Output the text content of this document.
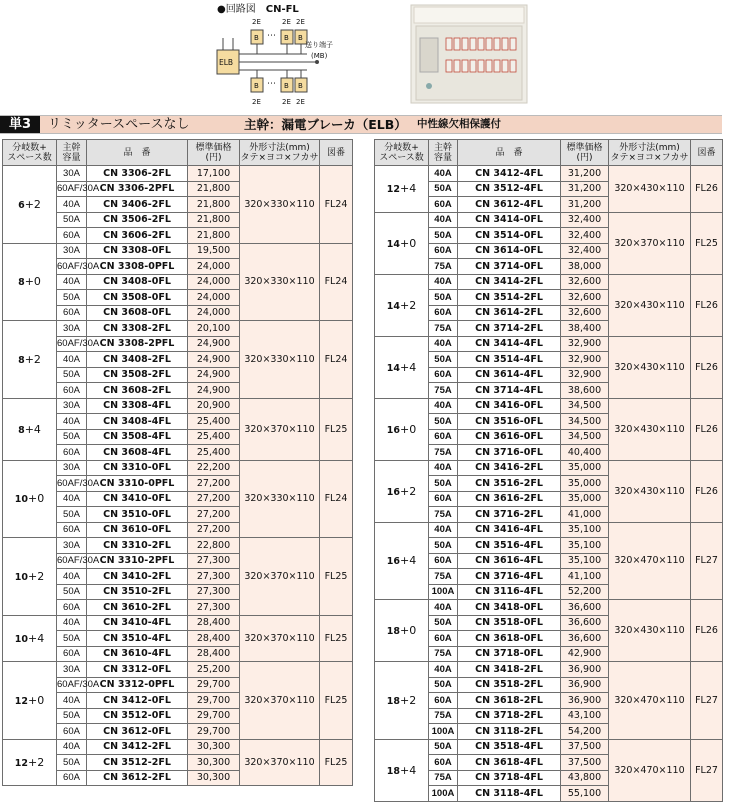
●回路図 CN-FL
ELB
B
2E
⋯ B
2E
B
2E
B
2E
⋯ B
2E
B
2E
送り端子
(MB)
単3	リミッタースペースなし	主幹：漏電ブレーカ（ELB） 中性線欠相保護付
分岐数+
スペース数	主幹
容量	品　番	標準価格
(円)	外形寸法(mm)
タテ×ヨコ×フカサ	図番
6+2	30A	CN 3306-2FL	17,100	320×330×110	FL24
	60AF/30A	CN 3306-2PFL	21,800		
	40A	CN 3406-2FL	21,800		
	50A	CN 3506-2FL	21,800		
	60A	CN 3606-2FL	21,800		
8+0	30A	CN 3308-0FL	19,500	320×330×110	FL24
	60AF/30A	CN 3308-0PFL	24,000		
	40A	CN 3408-0FL	24,000		
	50A	CN 3508-0FL	24,000		
	60A	CN 3608-0FL	24,000		
8+2	30A	CN 3308-2FL	20,100	320×330×110	FL24
	60AF/30A	CN 3308-2PFL	24,900		
	40A	CN 3408-2FL	24,900		
	50A	CN 3508-2FL	24,900		
	60A	CN 3608-2FL	24,900		
8+4	30A	CN 3308-4FL	20,900	320×370×110	FL25
	40A	CN 3408-4FL	25,400		
	50A	CN 3508-4FL	25,400		
	60A	CN 3608-4FL	25,400		
10+0	30A	CN 3310-0FL	22,200	320×330×110	FL24
	60AF/30A	CN 3310-0PFL	27,200		
	40A	CN 3410-0FL	27,200		
	50A	CN 3510-0FL	27,200		
	60A	CN 3610-0FL	27,200		
10+2	30A	CN 3310-2FL	22,800	320×370×110	FL25
	60AF/30A	CN 3310-2PFL	27,300		
	40A	CN 3410-2FL	27,300		
	50A	CN 3510-2FL	27,300		
	60A	CN 3610-2FL	27,300		
10+4	40A	CN 3410-4FL	28,400	320×370×110	FL25
	50A	CN 3510-4FL	28,400		
	60A	CN 3610-4FL	28,400		
12+0	30A	CN 3312-0FL	25,200	320×370×110	FL25
	60AF/30A	CN 3312-0PFL	29,700		
	40A	CN 3412-0FL	29,700		
	50A	CN 3512-0FL	29,700		
	60A	CN 3612-0FL	29,700		
12+2	40A	CN 3412-2FL	30,300	320×370×110	FL25
	50A	CN 3512-2FL	30,300		
	60A	CN 3612-2FL	30,300		
分岐数+
スペース数	主幹
容量	品　番	標準価格
(円)	外形寸法(mm)
タテ×ヨコ×フカサ	図番
12+4	40A	CN 3412-4FL	31,200	320×430×110	FL26
	50A	CN 3512-4FL	31,200		
	60A	CN 3612-4FL	31,200		
14+0	40A	CN 3414-0FL	32,400	320×370×110	FL25
	50A	CN 3514-0FL	32,400		
	60A	CN 3614-0FL	32,400		
	75A	CN 3714-0FL	38,000		
14+2	40A	CN 3414-2FL	32,600	320×430×110	FL26
	50A	CN 3514-2FL	32,600		
	60A	CN 3614-2FL	32,600		
	75A	CN 3714-2FL	38,400		
14+4	40A	CN 3414-4FL	32,900	320×430×110	FL26
	50A	CN 3514-4FL	32,900		
	60A	CN 3614-4FL	32,900		
	75A	CN 3714-4FL	38,600		
16+0	40A	CN 3416-0FL	34,500	320×430×110	FL26
	50A	CN 3516-0FL	34,500		
	60A	CN 3616-0FL	34,500		
	75A	CN 3716-0FL	40,400		
16+2	40A	CN 3416-2FL	35,000	320×430×110	FL26
	50A	CN 3516-2FL	35,000		
	60A	CN 3616-2FL	35,000		
	75A	CN 3716-2FL	41,000		
16+4	40A	CN 3416-4FL	35,100	320×470×110	FL27
	50A	CN 3516-4FL	35,100		
	60A	CN 3616-4FL	35,100		
	75A	CN 3716-4FL	41,100		
	100A	CN 3116-4FL	52,200		
18+0	40A	CN 3418-0FL	36,600	320×430×110	FL26
	50A	CN 3518-0FL	36,600		
	60A	CN 3618-0FL	36,600		
	75A	CN 3718-0FL	42,900		
18+2	40A	CN 3418-2FL	36,900	320×470×110	FL27
	50A	CN 3518-2FL	36,900		
	60A	CN 3618-2FL	36,900		
	75A	CN 3718-2FL	43,100		
	100A	CN 3118-2FL	54,200		
18+4	50A	CN 3518-4FL	37,500	320×470×110	FL27
	60A	CN 3618-4FL	37,500		
	75A	CN 3718-4FL	43,800		
	100A	CN 3118-4FL	55,100		
